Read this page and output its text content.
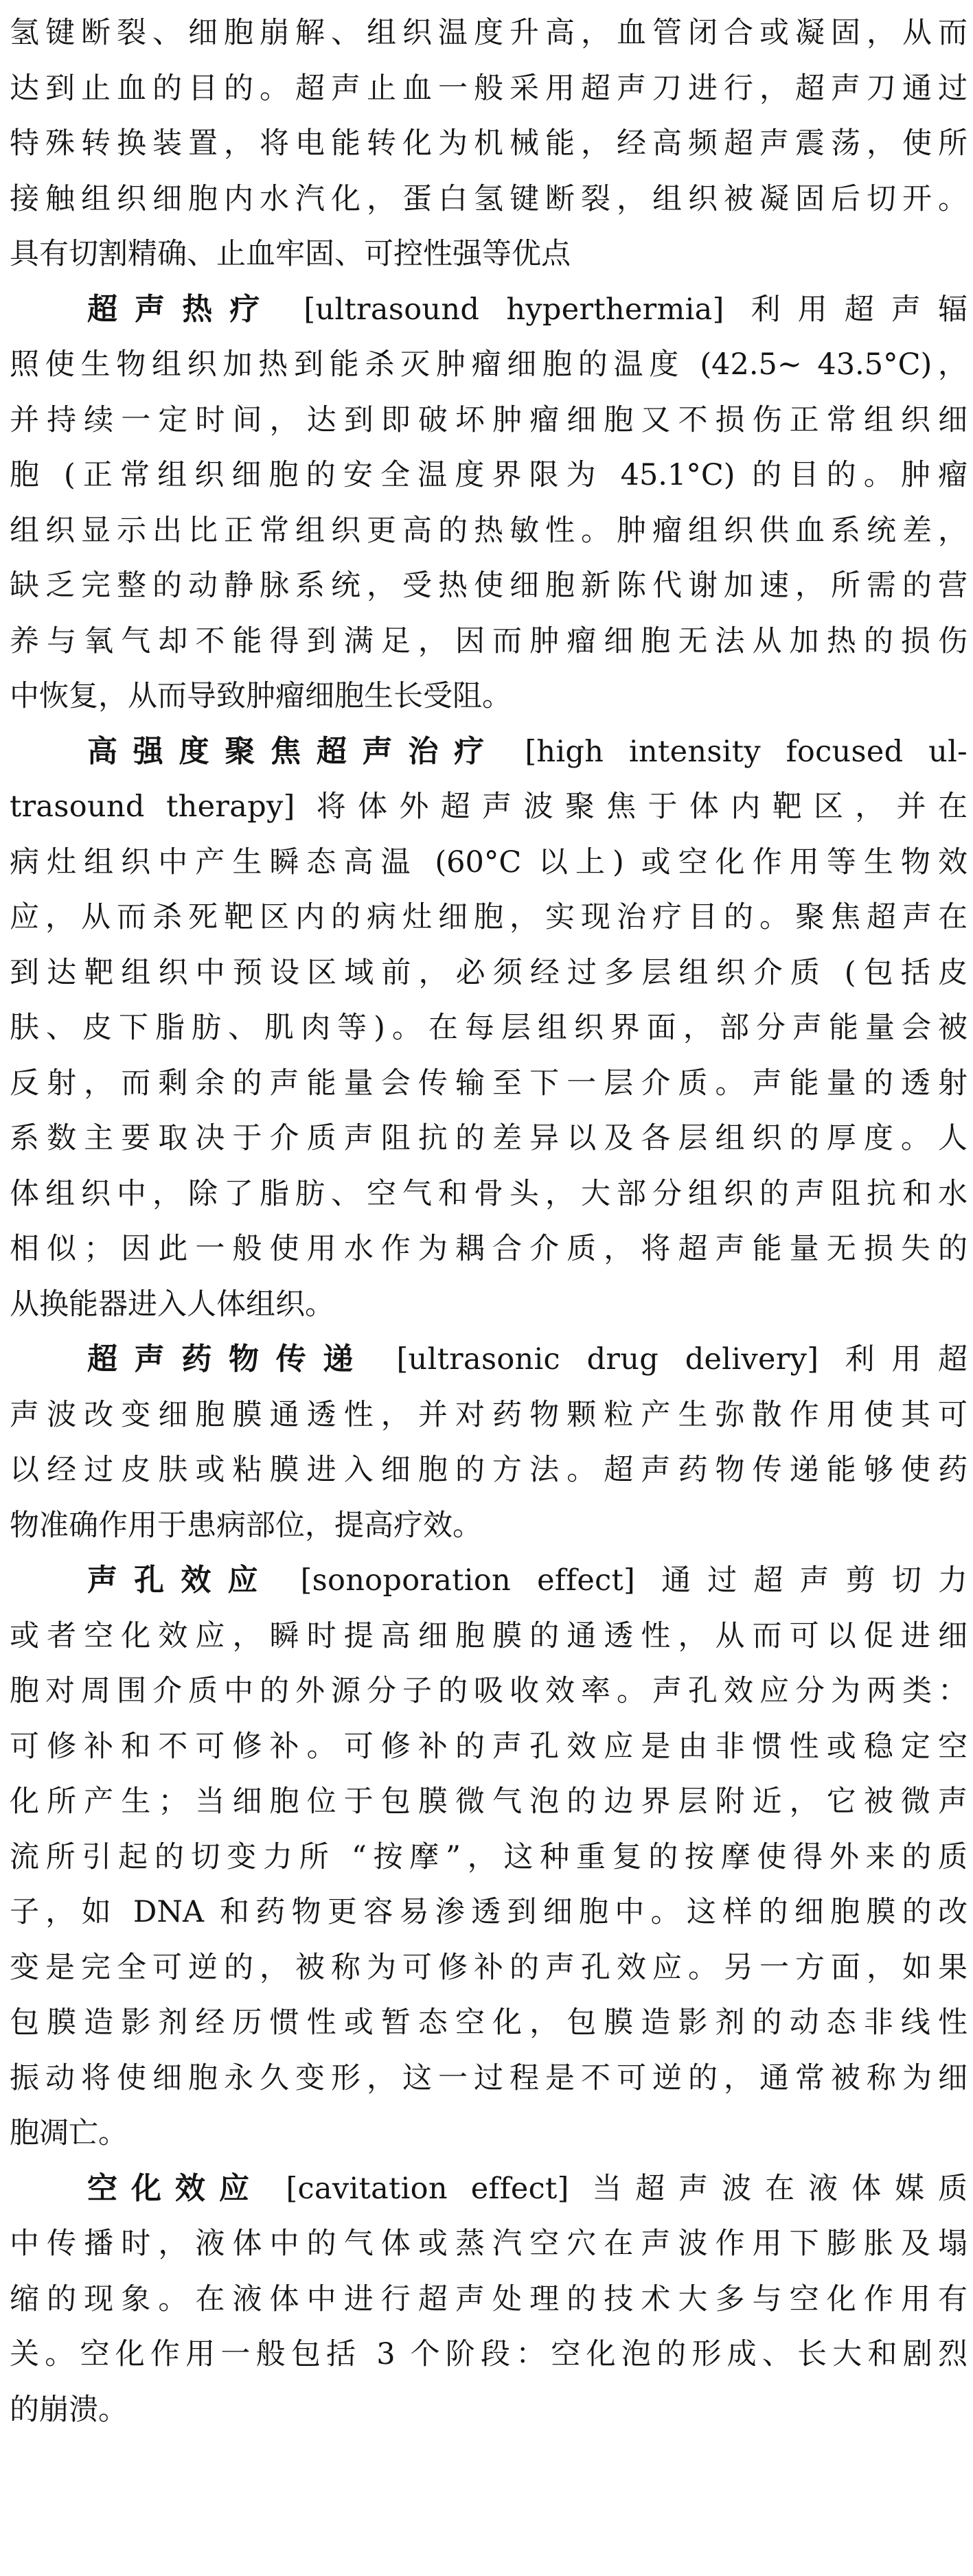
氢键断裂、细胞崩解、组织温度升高，血管闭合或凝固，从而
达到止血的目的。超声止血一般采用超声刀进行，超声刀通过
特殊转换装置，将电能转化为机械能，经高频超声震荡，使所
接触组织细胞内水汽化，蛋白氢键断裂，组织被凝固后切开。
具有切割精确、止血牢固、可控性强等优点
超声热疗 [ultrasound hyperthermia] 利用超声辐
照使生物组织加热到能杀灭肿瘤细胞的温度 (42.5∼ 43.5°C)，
并持续一定时间，达到即破坏肿瘤细胞又不损伤正常组织细
胞 (正常组织细胞的安全温度界限为 45.1°C) 的目的。肿瘤
组织显示出比正常组织更高的热敏性。肿瘤组织供血系统差，
缺乏完整的动静脉系统，受热使细胞新陈代谢加速，所需的营
养与氧气却不能得到满足，因而肿瘤细胞无法从加热的损伤
中恢复，从而导致肿瘤细胞生长受阻。
高强度聚焦超声治疗 [high intensity focused ul-
trasound therapy] 将体外超声波聚焦于体内靶区，并在
病灶组织中产生瞬态高温 (60°C 以上) 或空化作用等生物效
应，从而杀死靶区内的病灶细胞，实现治疗目的。聚焦超声在
到达靶组织中预设区域前，必须经过多层组织介质 (包括皮
肤、皮下脂肪、肌肉等)。在每层组织界面，部分声能量会被
反射，而剩余的声能量会传输至下一层介质。声能量的透射
系数主要取决于介质声阻抗的差异以及各层组织的厚度。人
体组织中，除了脂肪、空气和骨头，大部分组织的声阻抗和水
相似；因此一般使用水作为耦合介质，将超声能量无损失的
从换能器进入人体组织。
超声药物传递 [ultrasonic drug delivery] 利用超
声波改变细胞膜通透性，并对药物颗粒产生弥散作用使其可
以经过皮肤或粘膜进入细胞的方法。超声药物传递能够使药
物准确作用于患病部位，提高疗效。
声孔效应 [sonoporation effect] 通过超声剪切力
或者空化效应，瞬时提高细胞膜的通透性，从而可以促进细
胞对周围介质中的外源分子的吸收效率。声孔效应分为两类：
可修补和不可修补。可修补的声孔效应是由非惯性或稳定空
化所产生；当细胞位于包膜微气泡的边界层附近，它被微声
流所引起的切变力所 “按摩”，这种重复的按摩使得外来的质
子，如 DNA 和药物更容易渗透到细胞中。这样的细胞膜的改
变是完全可逆的，被称为可修补的声孔效应。另一方面，如果
包膜造影剂经历惯性或暂态空化，包膜造影剂的动态非线性
振动将使细胞永久变形，这一过程是不可逆的，通常被称为细
胞凋亡。
空化效应 [cavitation effect] 当超声波在液体媒质
中传播时，液体中的气体或蒸汽空穴在声波作用下膨胀及塌
缩的现象。在液体中进行超声处理的技术大多与空化作用有
关。空化作用一般包括 3 个阶段：空化泡的形成、长大和剧烈
的崩溃。
